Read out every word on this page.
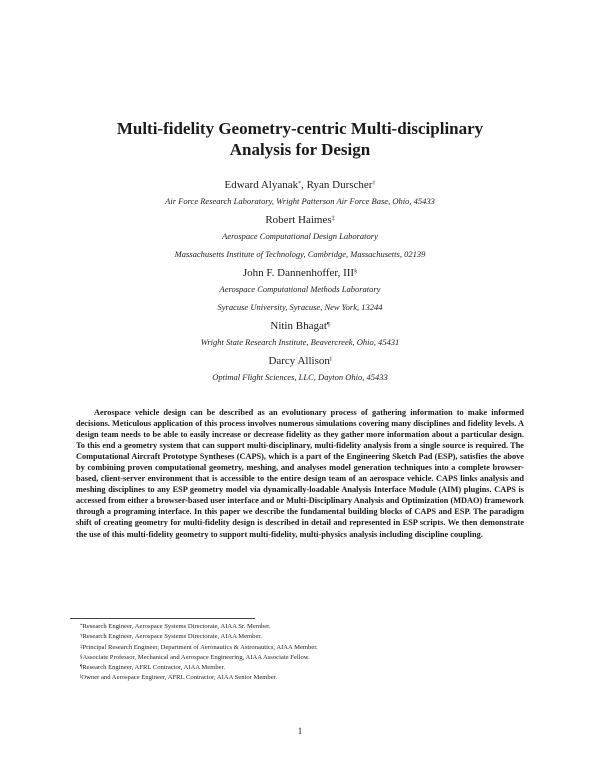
Multi-fidelity Geometry-centric Multi-disciplinary
Analysis for Design
Edward Alyanak*, Ryan Durscher†
Air Force Research Laboratory, Wright Patterson Air Force Base, Ohio, 45433
Robert Haimes‡
Aerospace Computational Design Laboratory
Massachusetts Institute of Technology, Cambridge, Massachusetts, 02139
John F. Dannenhoffer, III§
Aerospace Computational Methods Laboratory
Syracuse University, Syracuse, New York, 13244
Nitin Bhagat¶
Wright State Research Institute, Beavercreek, Ohio, 45431
Darcy Allison‖
Optimal Flight Sciences, LLC, Dayton Ohio, 45433

Aerospace vehicle design can be described as an evolutionary process of gathering information to make informed decisions. Meticulous application of this process involves numerous simulations covering many disciplines and fidelity levels. A design team needs to be able to easily increase or decrease fidelity as they gather more information about a particular design. To this end a geometry system that can support multi-disciplinary, multi-fidelity analysis from a single source is required. The Computational Aircraft Prototype Syntheses (CAPS), which is a part of the Engineering Sketch Pad (ESP), satisfies the above by combining proven computational geometry, meshing, and analyses model generation techniques into a complete browser-based, client-server environment that is accessible to the entire design team of an aerospace vehicle. CAPS links analysis and meshing disciplines to any ESP geometry model via dynamically-loadable Analysis Interface Module (AIM) plugins. CAPS is accessed from either a browser-based user interface and or Multi-Disciplinary Analysis and Optimization (MDAO) framework through a programing interface. In this paper we describe the fundamental building blocks of CAPS and ESP. The paradigm shift of creating geometry for multi-fidelity design is described in detail and represented in ESP scripts. We then demonstrate the use of this multi-fidelity geometry to support multi-fidelity, multi-physics analysis including discipline coupling.

*Research Engineer, Aerospace Systems Directorate, AIAA Sr. Member.
†Research Engineer, Aerospace Systems Directorate, AIAA Member.
‡Principal Research Engineer, Department of Aeronautics & Astronautics, AIAA Member.
§Associate Professor, Mechanical and Aerospace Engineering, AIAA Associate Fellow.
¶Research Engineer, AFRL Contractor, AIAA Member.
‖Owner and Aerospace Engineer, AFRL Contractor, AIAA Senior Member.
1
